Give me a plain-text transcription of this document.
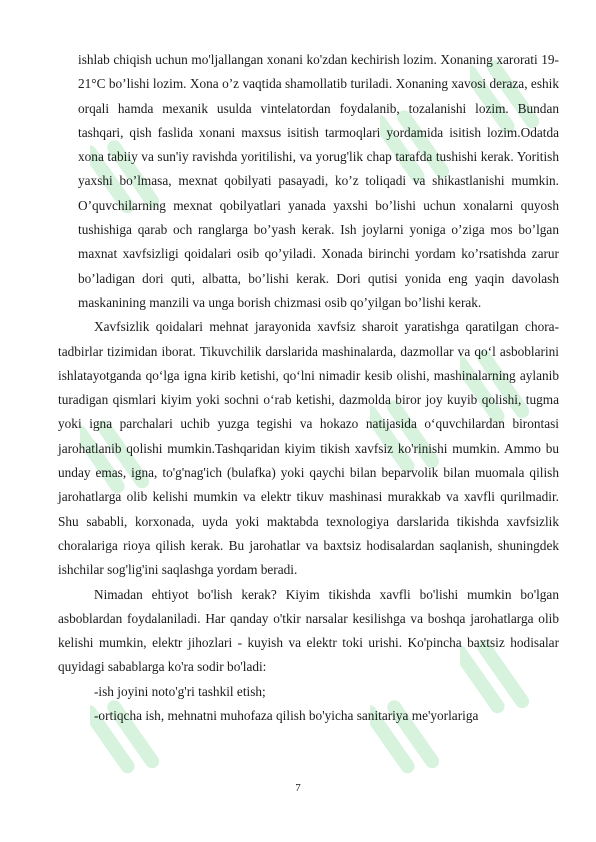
ishlab chiqish uchun mo'ljallangan xonani ko'zdan kechirish lozim. Xonaning xarorati 19-21°C bo’lishi lozim. Xona o’z vaqtida shamollatib turiladi. Xonaning xavosi deraza, eshik orqali hamda mexanik usulda vintelatordan foydalanib, tozalanishi lozim. Bundan tashqari, qish faslida xonani maxsus isitish tarmoqlari yordamida isitish lozim.Odatda xona tabiiy va sun'iy ravishda yoritilishi, va yorug'lik chap tarafda tushishi kerak. Yoritish yaxshi bo’lmasa, mexnat qobilyati pasayadi, ko’z toliqadi va shikastlanishi mumkin. O’quvchilarning mexnat qobilyatlari yanada yaxshi bo’lishi uchun xonalarni quyosh tushishiga qarab och ranglarga bo’yash kerak. Ish joylarni yoniga o’ziga mos bo’lgan maxnat xavfsizligi qoidalari osib qo’yiladi. Xonada birinchi yordam ko’rsatishda zarur bo’ladigan dori quti, albatta, bo’lishi kerak. Dori qutisi yonida eng yaqin davolash maskanining manzili va unga borish chizmasi osib qo’yilgan bo’lishi kerak.

Xavfsizlik qoidalari mehnat jarayonida xavfsiz sharoit yaratishga qaratilgan chora-tadbirlar tizimidan iborat. Tikuvchilik darslarida mashinalarda, dazmollar va qo‘l asboblarini ishlatayotganda qo‘lga igna kirib ketishi, qo‘lni nimadir kesib olishi, mashinalarning aylanib turadigan qismlari kiyim yoki sochni o‘rab ketishi, dazmolda biror joy kuyib qolishi, tugma yoki igna parchalari uchib yuzga tegishi va hokazo natijasida o‘quvchilardan birontasi jarohatlanib qolishi mumkin.Tashqaridan kiyim tikish xavfsiz ko'rinishi mumkin. Ammo bu unday emas, igna, to'g'nag'ich (bulafka) yoki qaychi bilan beparvolik bilan muomala qilish jarohatlarga olib kelishi mumkin va elektr tikuv mashinasi murakkab va xavfli qurilmadir. Shu sababli, korxonada, uyda yoki maktabda texnologiya darslarida tikishda xavfsizlik choralariga rioya qilish kerak. Bu jarohatlar va baxtsiz hodisalardan saqlanish, shuningdek ishchilar sog'lig'ini saqlashga yordam beradi.

Nimadan ehtiyot bo'lish kerak? Kiyim tikishda xavfli bo'lishi mumkin bo'lgan asboblardan foydalaniladi. Har qanday o'tkir narsalar kesilishga va boshqa jarohatlarga olib kelishi mumkin, elektr jihozlari - kuyish va elektr toki urishi. Ko'pincha baxtsiz hodisalar quyidagi sabablarga ko'ra sodir bo'ladi:

-ish joyini noto'g'ri tashkil etish;

-ortiqcha ish, mehnatni muhofaza qilish bo'yicha sanitariya me'yorlariga

7
